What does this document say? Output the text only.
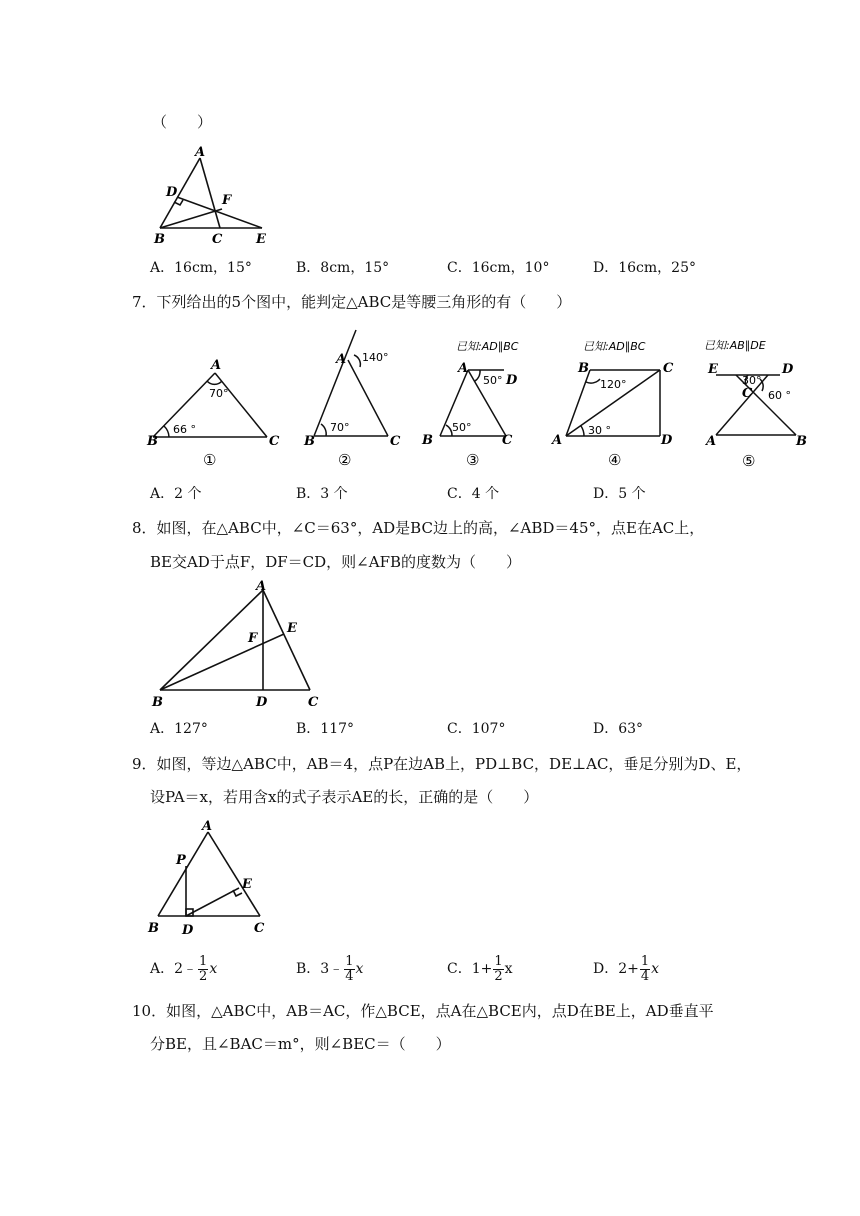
（　　）
A
D
F
B	C	E
A．16cm，15°	B．8cm，15°	C．16cm，10°	D．16cm，25°
7．下列给出的5个图中，能判定△ABC是等腰三角形的有（　　）
A
70°
66 °
B	C
①
A 140°
70°
B	C
②
已知:AD∥BC
A
50° D
50°
B	C
③
已知:AD∥BC
B	C
120°
30 °
A	D
④
已知:AB∥DE
E	D
30°
C 60 °
A	B
⑤
A．2 个	B．3 个	C．4 个	D．5 个
8．如图，在△ABC中，∠C＝63°，AD是BC边上的高，∠ABD＝45°，点E在AC上，
BE交AD于点F，DF＝CD，则∠AFB的度数为（　　）
A
E
F
B	D	C
A．127°	B．117°	C．107°	D．63°
9．如图，等边△ABC中，AB＝4，点P在边AB上，PD⊥BC，DE⊥AC，垂足分别为D、E，
设PA＝x，若用含x的式子表示AE的长，正确的是（　　）
A
P
E
B D	C
A．2﹣ $\frac{1}{2}$ x	B．3﹣ $\frac{1}{4}$ x	C．$1+ \frac{1}{2}$ x	D．$2+ \frac{1}{4}$ x
10．如图，△ABC中，AB＝AC，作△BCE，点A在△BCE内，点D在BE上，AD垂直平
分BE，且∠BAC＝m°，则∠BEC＝（　　）
